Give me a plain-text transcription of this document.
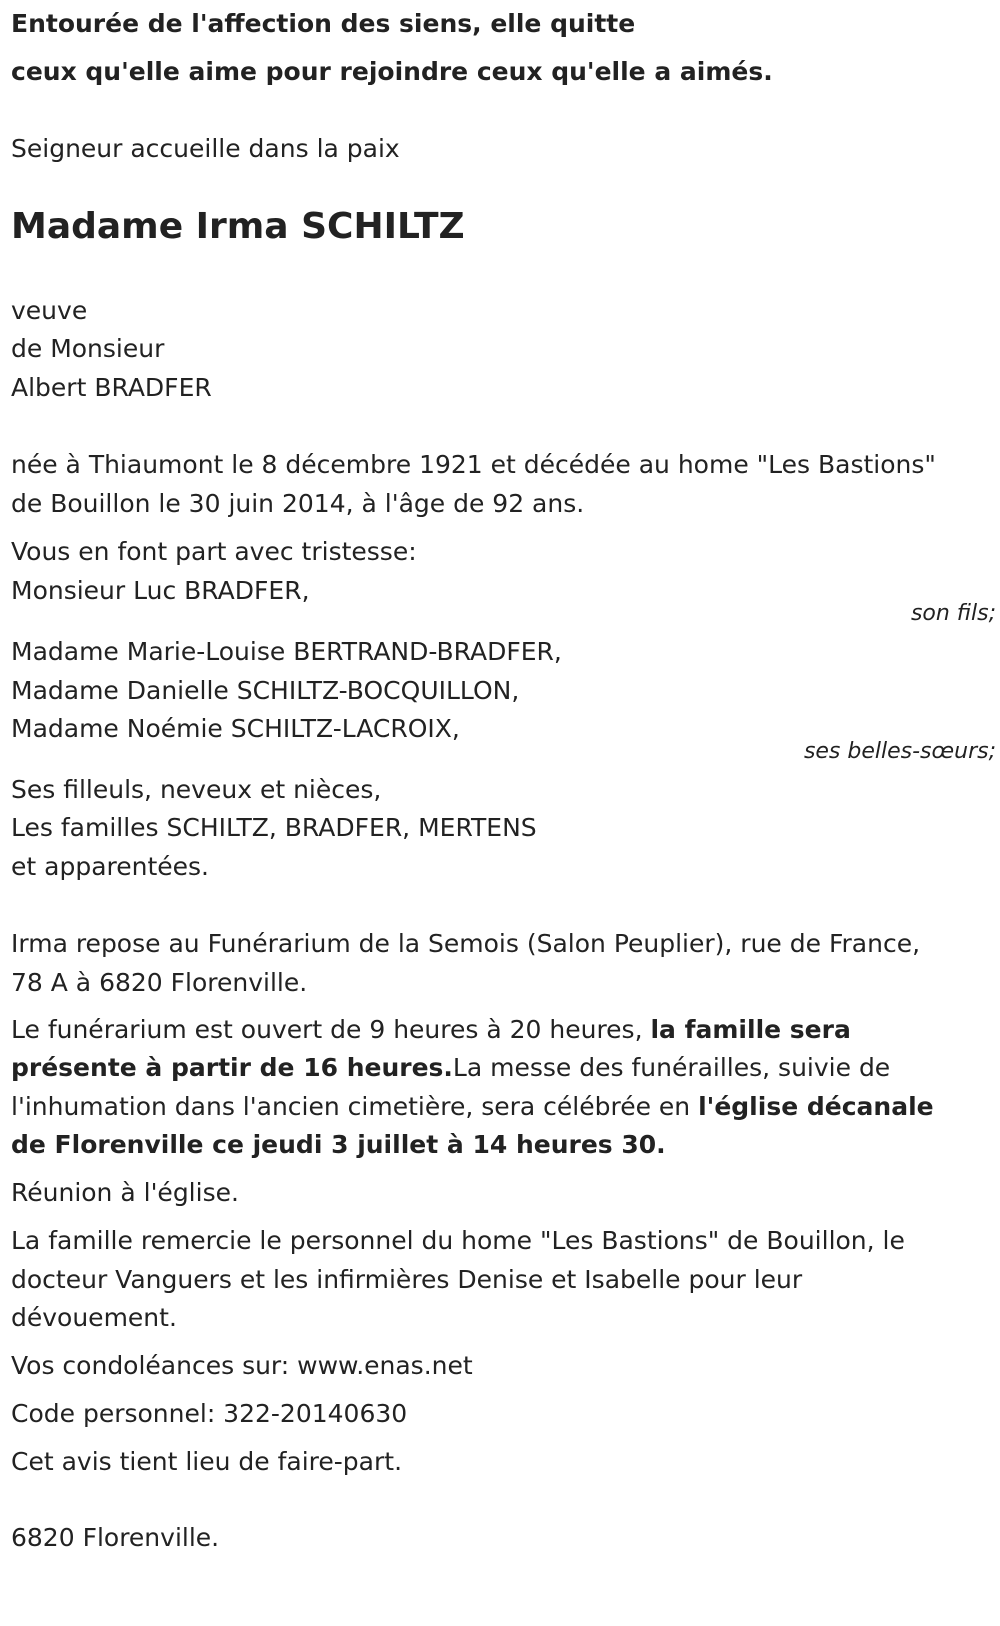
Entourée de l'affection des siens, elle quitte

ceux qu'elle aime pour rejoindre ceux qu'elle a aimés.

Seigneur accueille dans la paix

Madame Irma SCHILTZ

veuve

de Monsieur

Albert BRADFER

née à Thiaumont le 8 décembre 1921 et décédée au home "Les Bastions"

de Bouillon le 30 juin 2014, à l'âge de 92 ans.

Vous en font part avec tristesse:

Monsieur Luc BRADFER,

son fils;

Madame Marie-Louise BERTRAND-BRADFER,

Madame Danielle SCHILTZ-BOCQUILLON,

Madame Noémie SCHILTZ-LACROIX,

ses belles-sœurs;

Ses filleuls, neveux et nièces,

Les familles SCHILTZ, BRADFER, MERTENS

et apparentées.

Irma repose au Funérarium de la Semois (Salon Peuplier), rue de France,

78 A à 6820 Florenville.

Le funérarium est ouvert de 9 heures à 20 heures, la famille sera

présente à partir de 16 heures.La messe des funérailles, suivie de

l'inhumation dans l'ancien cimetière, sera célébrée en l'église décanale

de Florenville ce jeudi 3 juillet à 14 heures 30.

Réunion à l'église.

La famille remercie le personnel du home "Les Bastions" de Bouillon, le

docteur Vanguers et les infirmières Denise et Isabelle pour leur

dévouement.

Vos condoléances sur: www.enas.net

Code personnel: 322-20140630

Cet avis tient lieu de faire-part.

6820 Florenville.
